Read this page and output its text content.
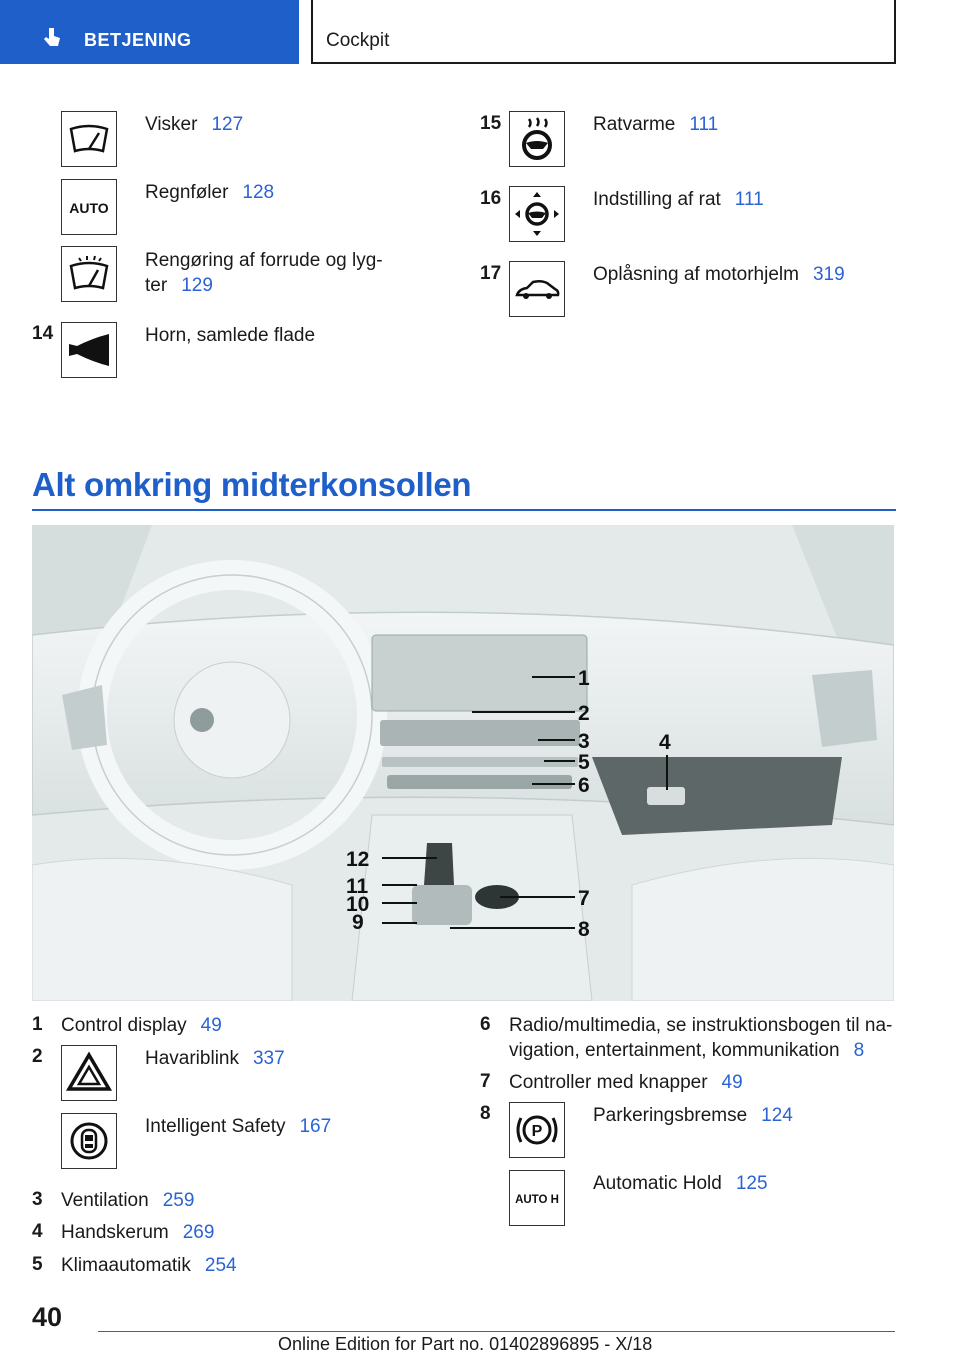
BETJENING	Cockpit
Visker 127
AUTO
Regnføler 128
Rengøring af forrude og lyg-
ter 129
14	Horn, samlede flade
15	Ratvarme 111
16	Indstilling af rat 111
17	Oplåsning af motorhjelm 319
Alt omkring midterkonsollen
1
2
3	4
5
6
12
11
10
9
7
8
1 Control display 49
2	Havariblink 337
Intelligent Safety 167
3 Ventilation 259
4 Handskerum 269
5 Klimaautomatik 254
6 Radio/multimedia, se instruktionsbogen til na-
vigation, entertainment, kommunikation 8
7 Controller med knapper 49
8
P
Parkeringsbremse 124
AUTO H
Automatic Hold 125
40
Online Edition for Part no. 01402896895 - X/18
